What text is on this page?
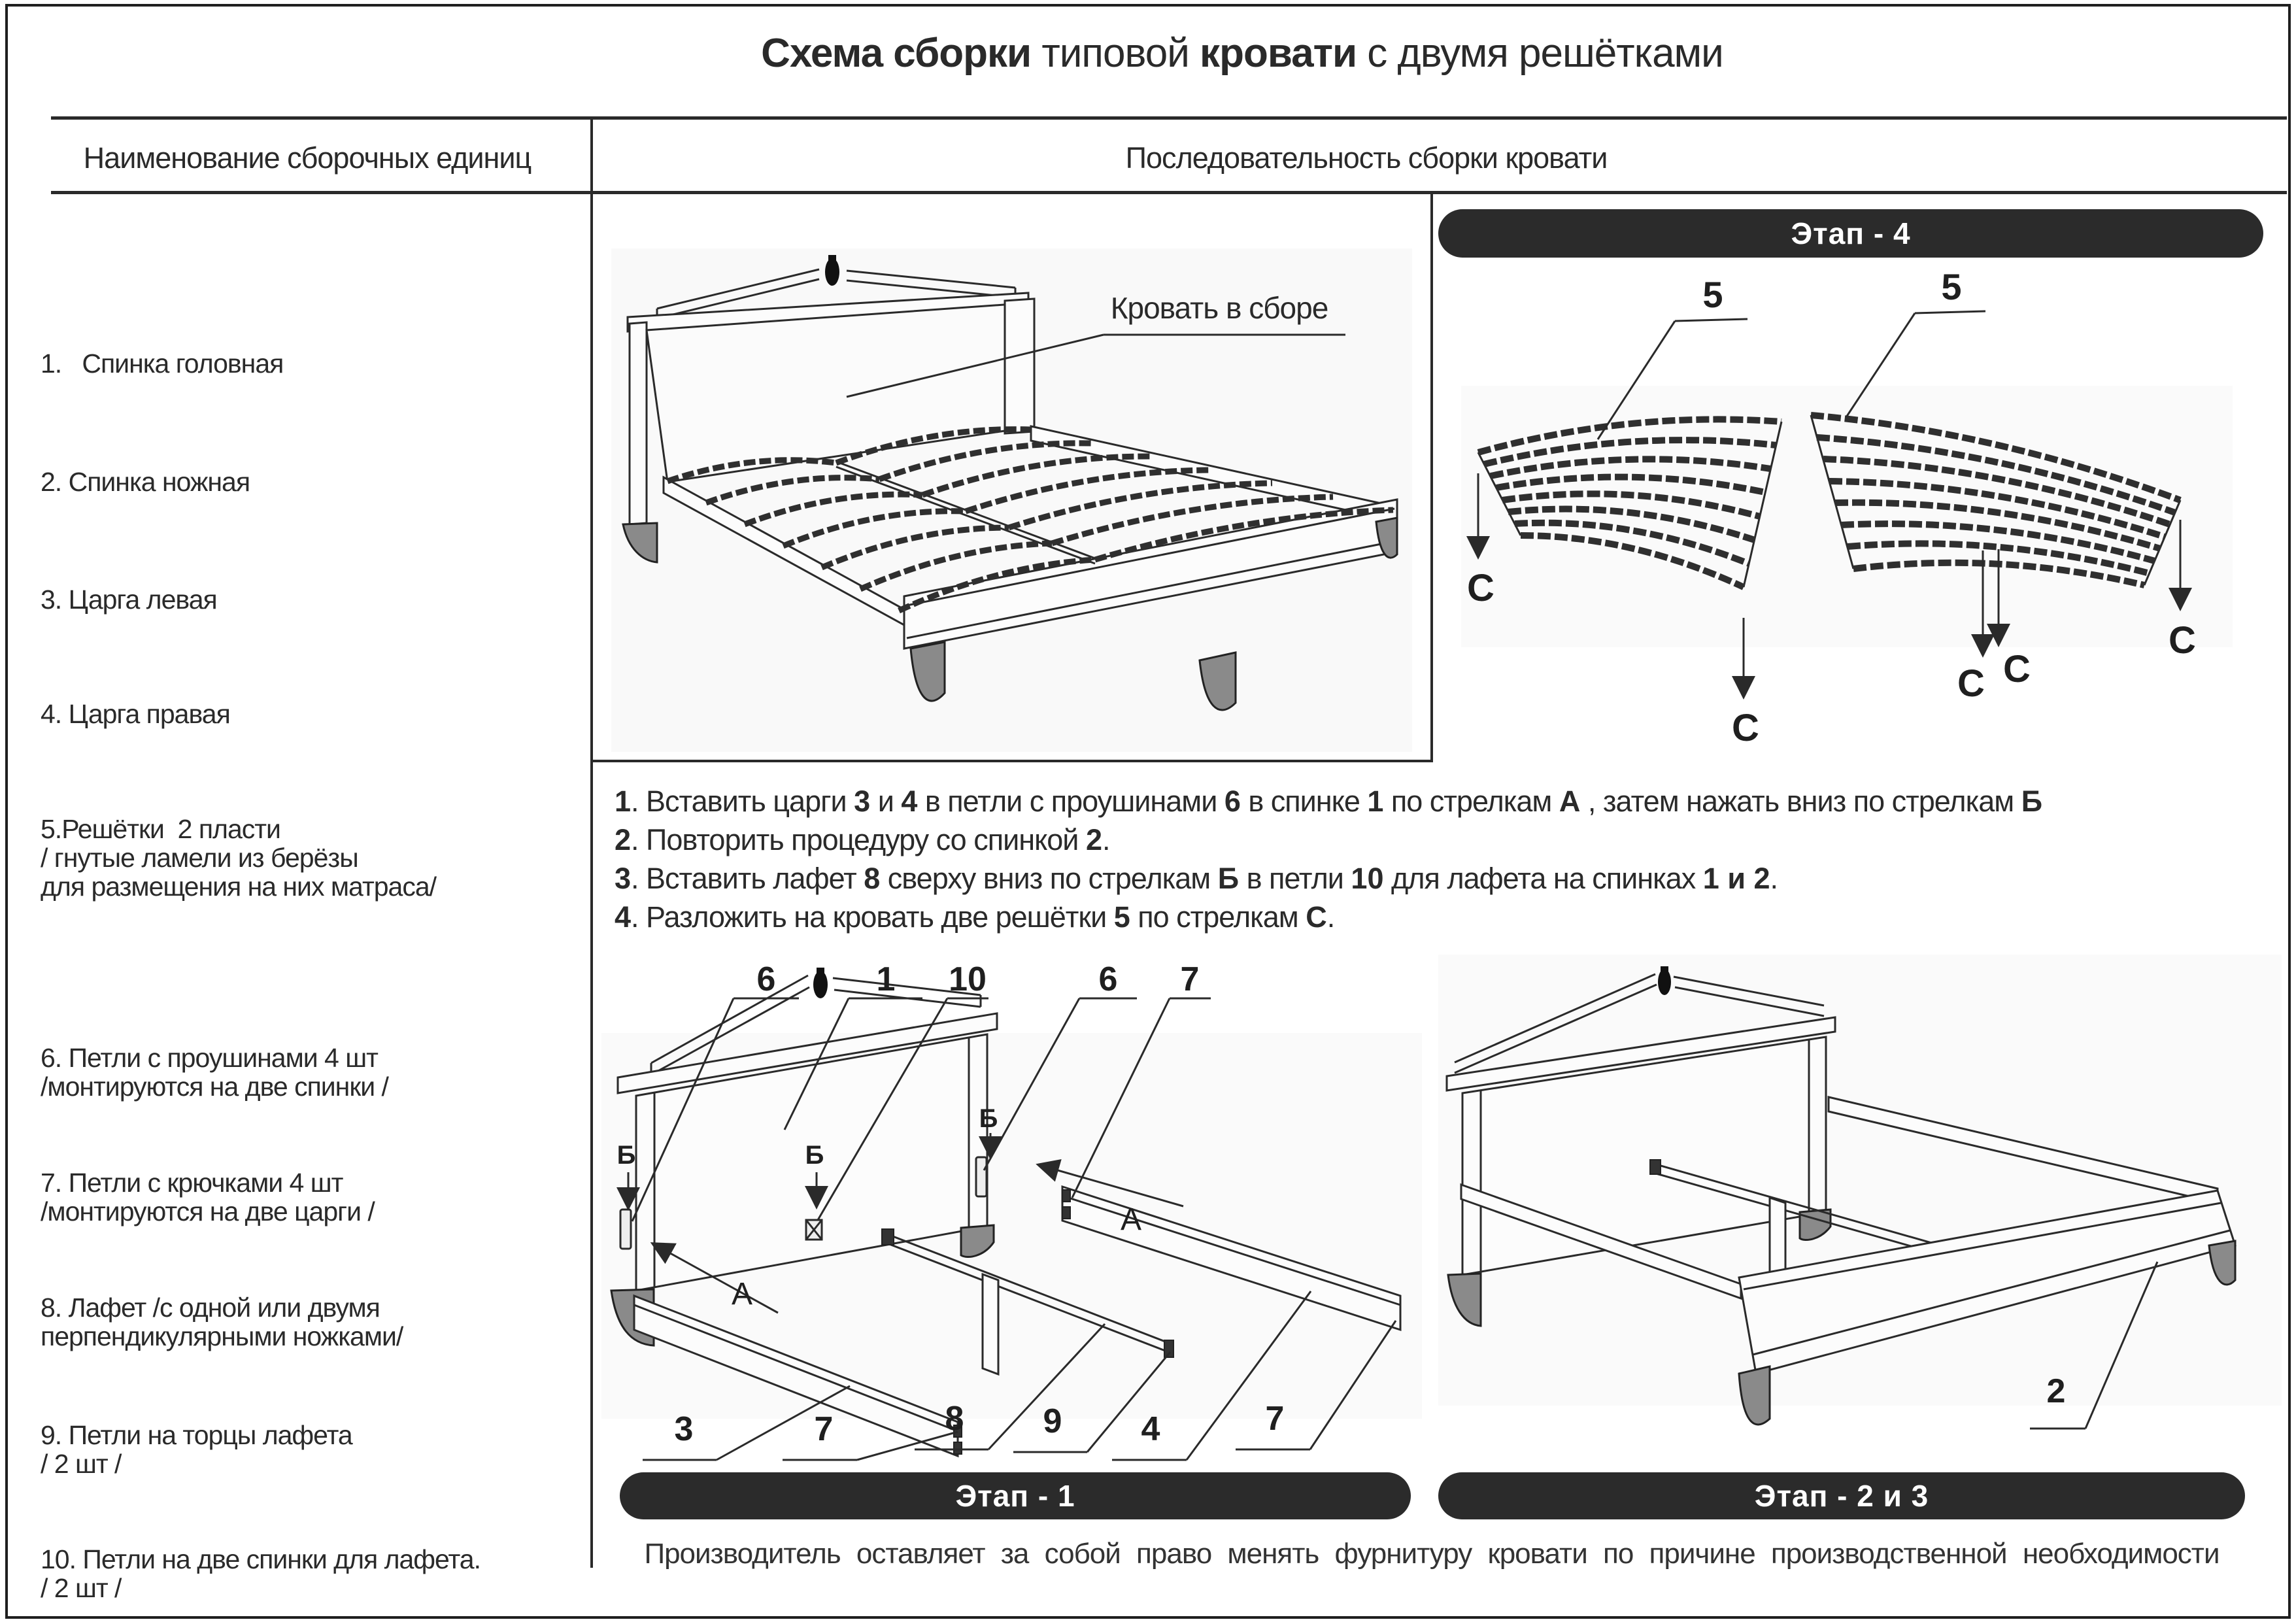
Схема сборки типовой кровати с двумя решётками
Наименование сборочных единиц	Последовательность сборки кровати

1.   Спинка головная

2. Спинка ножная

3. Царга левая

4. Царга правая

5.Решётки  2 пласти
/ гнутые ламели из берёзы
для размещения на них матраса/

6. Петли с проушинами 4 шт
/монтируются на две спинки /

7. Петли с крючками 4 шт
/монтируются на две царги /

8. Лафет /с одной или двумя
перпендикулярными ножками/

9. Петли на торцы лафета
/ 2 шт /

10. Петли на две спинки для лафета.
/ 2 шт /

Этап - 4
Этап - 1	Этап - 2 и 3
Кровать в сборе	5	5
С
С
С С
С
1. Вставить царги 3 и 4 в петли с проушинами 6 в спинке 1 по стрелкам А , затем нажать вниз по стрелкам Б
2. Повторить процедуру со спинкой 2.
3. Вставить лафет 8 сверху вниз по стрелкам Б в петли 10 для лафета на спинках 1 и 2.
4. Разложить на кровать две решётки 5 по стрелкам С.
6	1	10	6	7
Б	Б
Б
А
А
3	7	8	9	4	7
2
Производитель оставляет за собой право менять фурнитуру кровати по причине производственной необходимости
